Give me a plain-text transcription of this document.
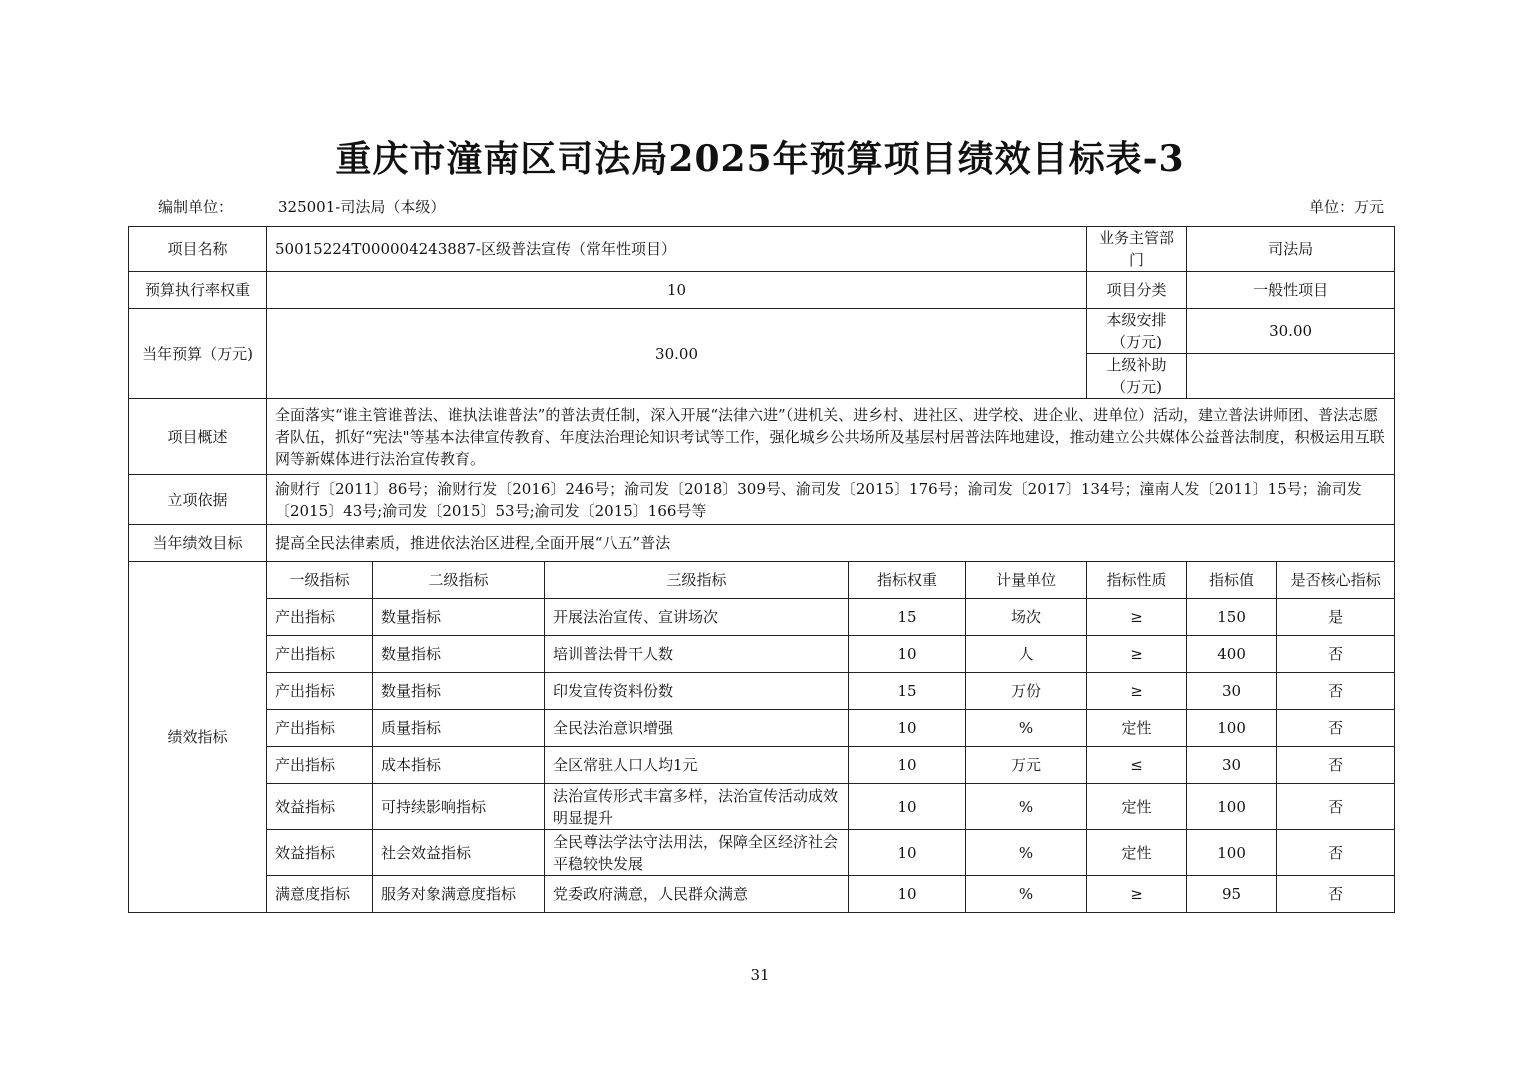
重庆市潼南区司法局2025年预算项目绩效目标表-3
编制单位：	325001-司法局（本级）	单位：万元
项目名称	50015224T000004243887-区级普法宣传（常年性项目）					业务主管部门	司法局	
预算执行率权重	10					项目分类	一般性项目	
当年预算（万元)	30.00					本级安排（万元)	30.00	
						上级补助（万元)		
项目概述	全面落实“谁主管谁普法、谁执法谁普法”的普法责任制，深入开展“法律六进”（进机关、进乡村、进社区、进学校、进企业、进单位）活动，建立普法讲师团、普法志愿者队伍，抓好“宪法"等基本法律宣传教育、年度法治理论知识考试等工作，强化城乡公共场所及基层村居普法阵地建设，推动建立公共媒体公益普法制度，积极运用互联网等新媒体进行法治宣传教育。							
立项依据	渝财行〔2011〕86号；渝财行发〔2016〕246号；渝司发〔2018〕309号、渝司发〔2015〕176号；渝司发〔2017〕134号；潼南人发〔2011〕15号；渝司发〔2015〕43号;渝司发〔2015〕53号;渝司发〔2015〕166号等							
当年绩效目标	提高全民法律素质，推进依法治区进程,全面开展“八五”普法							
绩效指标	一级指标	二级指标	三级指标	指标权重	计量单位	指标性质	指标值	是否核心指标
	产出指标	数量指标	开展法治宣传、宣讲场次	15	场次	≥	150	是
	产出指标	数量指标	培训普法骨干人数	10	人	≥	400	否
	产出指标	数量指标	印发宣传资料份数	15	万份	≥	30	否
	产出指标	质量指标	全民法治意识增强	10	%	定性	100	否
	产出指标	成本指标	全区常驻人口人均1元	10	万元	≤	30	否
	效益指标	可持续影响指标	法治宣传形式丰富多样，法治宣传活动成效明显提升	10	%	定性	100	否
	效益指标	社会效益指标	全民尊法学法守法用法，保障全区经济社会平稳较快发展	10	%	定性	100	否
	满意度指标	服务对象满意度指标	党委政府满意，人民群众满意	10	%	≥	95	否
31
